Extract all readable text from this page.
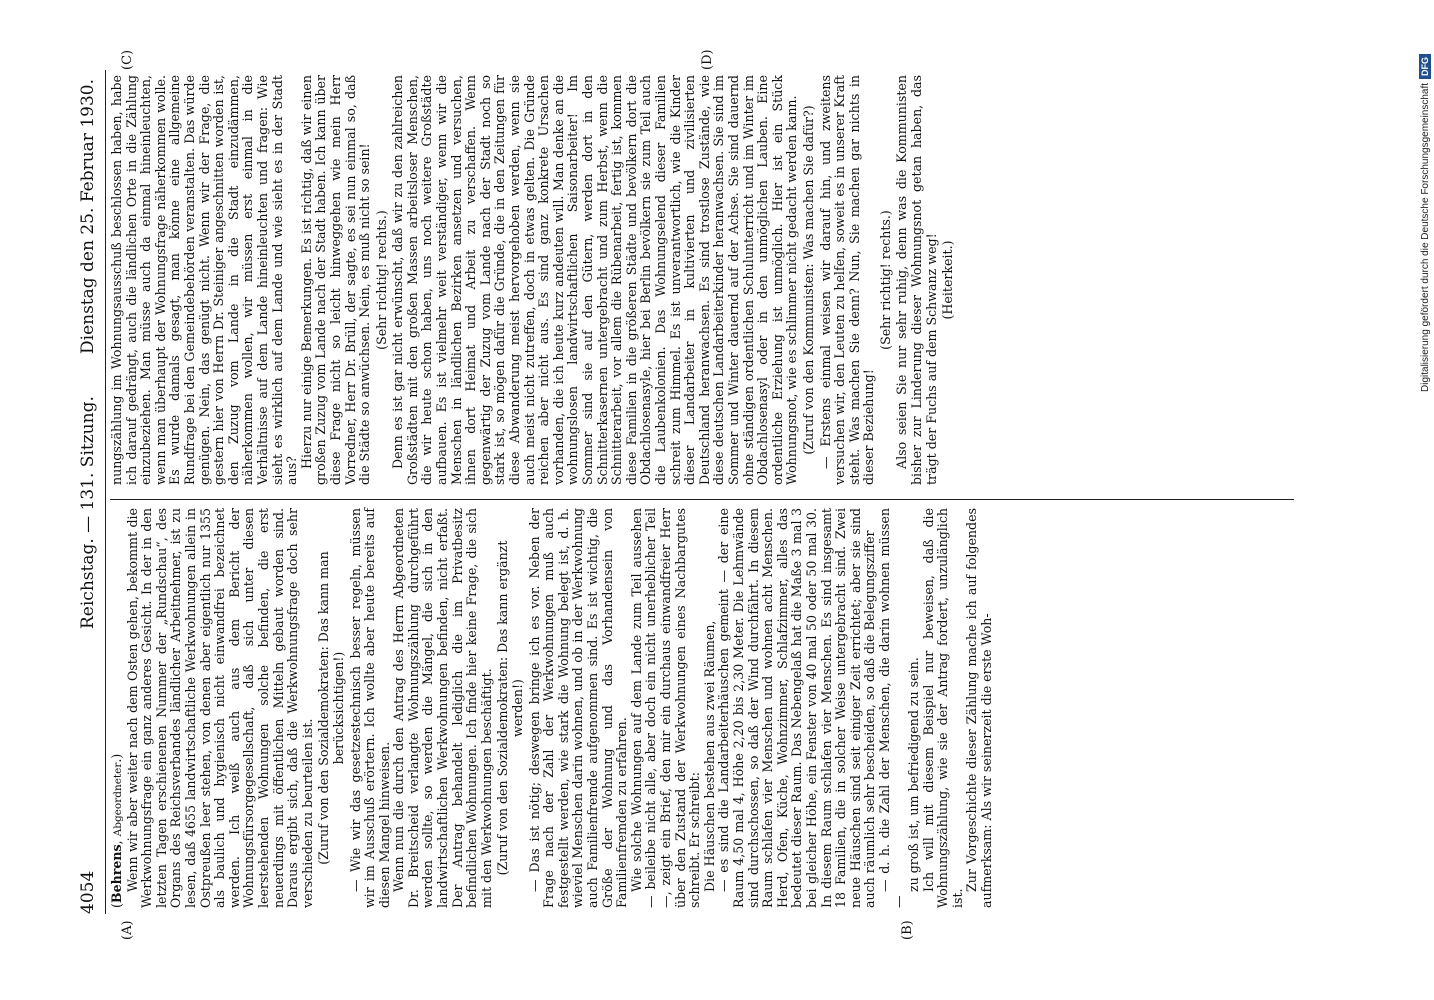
4054
Reichstag. — 131. Sitzung.
Dienstag den 25. Februar 1930.
(A)	(B)
(C)	(D)

(Behrens, Abgeordneter.) Wenn wir aber weiter nach dem Osten gehen, bekommt die Werkwohnungsfrage ein ganz anderes Gesicht. In der in den letzten Tagen erschienenen Nummer der „Rundschau“, des Organs des Reichsverbandes ländlicher Arbeitnehmer, ist zu lesen, daß 4655 landwirtschaftliche Werkwohnungen allein in Ostpreußen leer stehen, von denen aber eigentlich nur 1355 als baulich und hygienisch nicht einwandfrei bezeichnet werden. Ich weiß auch aus dem Bericht der Wohnungsfürsorgegesellschaft, daß sich unter diesen leerstehenden Wohnungen solche befinden, die erst neuerdings mit öffentlichen Mitteln gebaut worden sind. Daraus ergibt sich, daß die Werkwohnungsfrage doch sehr verschieden zu beurteilen ist. (Zuruf von den Sozialdemokraten: Das kann man berücksichtigen!) — Wie wir das gesetzestechnisch besser regeln, müssen wir im Ausschuß erörtern. Ich wollte aber heute bereits auf diesen Mangel hinweisen. Wenn nun die durch den Antrag des Herrn Abgeordneten Dr. Breitscheid verlangte Wohnungszählung durchgeführt werden sollte, so werden die Mängel, die sich in den landwirtschaftlichen Werkwohnungen befinden, nicht erfaßt. Der Antrag behandelt lediglich die im Privatbesitz befindlichen Wohnungen. Ich finde hier keine Frage, die sich mit den Werkwohnungen beschäftigt. (Zuruf von den Sozialdemokraten: Das kann ergänzt werden!) — Das ist nötig; deswegen bringe ich es vor. Neben der Frage nach der Zahl der Werkwohnungen muß auch festgestellt werden, wie stark die Wohnung belegt ist, d. h. wieviel Menschen darin wohnen, und ob in der Werkwohnung auch Familienfremde aufgenommen sind. Es ist wichtig, die Größe der Wohnung und das Vorhandensein von Familienfremden zu erfahren. Wie solche Wohnungen auf dem Lande zum Teil aussehen — beileibe nicht alle, aber doch ein nicht unerheblicher Teil —, zeigt ein Brief, den mir ein durchaus einwandfreier Herr über den Zustand der Werkwohnungen eines Nachbargutes schreibt. Er schreibt: Die Häuschen bestehen aus zwei Räumen, — es sind die Landarbeiterhäuschen gemeint — der eine Raum 4,50 mal 4, Höhe 2,20 bis 2,30 Meter. Die Lehmwände sind durchschossen, so daß der Wind durchfährt. In diesem Raum schlafen vier Menschen und wohnen acht Menschen. Herd, Ofen, Küche, Wohnzimmer, Schlafzimmer, alles das bedeutet dieser Raum. Das Nebengelaß hat die Maße 3 mal 3 bei gleicher Höhe, ein Fenster von 40 mal 50 oder 50 mal 30. In diesem Raum schlafen vier Menschen. Es sind insgesamt 18 Familien, die in solcher Weise untergebracht sind. Zwei neue Häuschen sind seit einiger Zeit errichtet; aber sie sind auch räumlich sehr bescheiden, so daß die Belegungsziffer — d. h. die Zahl der Menschen, die darin wohnen müssen —

zu groß ist, um befriedigend zu sein. Ich will mit diesem Beispiel nur beweisen, daß die Wohnungszählung, wie sie der Antrag fordert, unzulänglich ist.

Zur Vorgeschichte dieser Zählung mache ich auf folgendes aufmerksam: Als wir seinerzeit die erste Woh-

nungszählung im Wohnungsausschuß beschlossen haben, habe ich darauf gedrängt, auch die ländlichen Orte in die Zählung einzubeziehen. Man müsse auch da einmal hineinleuchten, wenn man überhaupt der Wohnungsfrage näherkommen wolle. Es wurde damals gesagt, man könne eine allgemeine Rundfrage bei den Gemeindebehörden veranstalten. Das würde genügen. Nein, das genügt nicht. Wenn wir der Frage, die gestern hier von Herrn Dr. Steiniger angeschnitten worden ist, den Zuzug vom Lande in die Stadt einzudämmen, näherkommen wollen, wir müssen erst einmal in die Verhältnisse auf dem Lande hineinleuchten und fragen: Wie sieht es wirklich auf dem Lande und wie sieht es in der Stadt aus?

Hierzu nur einige Bemerkungen. Es ist richtig, daß wir einen großen Zuzug vom Lande nach der Stadt haben. Ich kann über diese Frage nicht so leicht hinweggehen wie mein Herr Vorredner, Herr Dr. Brüll, der sagte, es sei nun einmal so, daß die Städte so anwüchsen. Nein, es muß nicht so sein! (Sehr richtig! rechts.) Denn es ist gar nicht erwünscht, daß wir zu den zahlreichen Großstädten mit den großen Massen arbeitsloser Menschen, die wir heute schon haben, uns noch weitere Großstädte aufbauen. Es ist vielmehr weit verständiger, wenn wir die Menschen in ländlichen Bezirken ansetzen und versuchen, ihnen dort Heimat und Arbeit zu verschaffen. Wenn gegenwärtig der Zuzug vom Lande nach der Stadt noch so stark ist, so mögen dafür die Gründe, die in den Zeitungen für diese Abwanderung meist hervorgehoben werden, wenn sie auch meist nicht zutreffen, doch in etwas gelten. Die Gründe reichen aber nicht aus. Es sind ganz konkrete Ursachen vorhanden, die ich heute kurz andeuten will. Man denke an die wohnungslosen landwirtschaftlichen Saisonarbeiter! Im Sommer sind sie auf den Gütern, werden dort in den Schnitterkasernen untergebracht und zum Herbst, wenn die Schnitterarbeit, vor allem die Rübenarbeit, fertig ist, kommen diese Familien in die größeren Städte und bevölkern dort die Obdachlosenasyle, hier bei Berlin bevölkern sie zum Teil auch die Laubenkolonien. Das Wohnungselend dieser Familien schreit zum Himmel. Es ist unverantwortlich, wie die Kinder dieser Landarbeiter in kultivierten und zivilisierten Deutschland heranwachsen. Es sind trostlose Zustände, wie diese deutschen Landarbeiterkinder heranwachsen. Sie sind im Sommer und Winter dauernd auf der Achse. Sie sind dauernd ohne ständigen ordentlichen Schulunterricht und im Winter im Obdachlosenasyl oder in den unmöglichen Lauben. Eine ordentliche Erziehung ist unmöglich. Hier ist ein Stück Wohnungsnot, wie es schlimmer nicht gedacht werden kann. (Zuruf von den Kommunisten: Was machen Sie dafür?) — Erstens einmal weisen wir darauf hin, und zweitens versuchen wir, den Leuten zu helfen, soweit es in unserer Kraft steht. Was machen Sie denn? Nun, Sie machen gar nichts in dieser Beziehung!

(Sehr richtig! rechts.) Also seien Sie nur sehr ruhig, denn was die Kommunisten bisher zur Linderung dieser Wohnungsnot getan haben, das trägt der Fuchs auf dem Schwanz weg! (Heiterkeit.)	Digitalisierung gefördert durch die Deutsche Forschungsgemeinschaft
DFG
